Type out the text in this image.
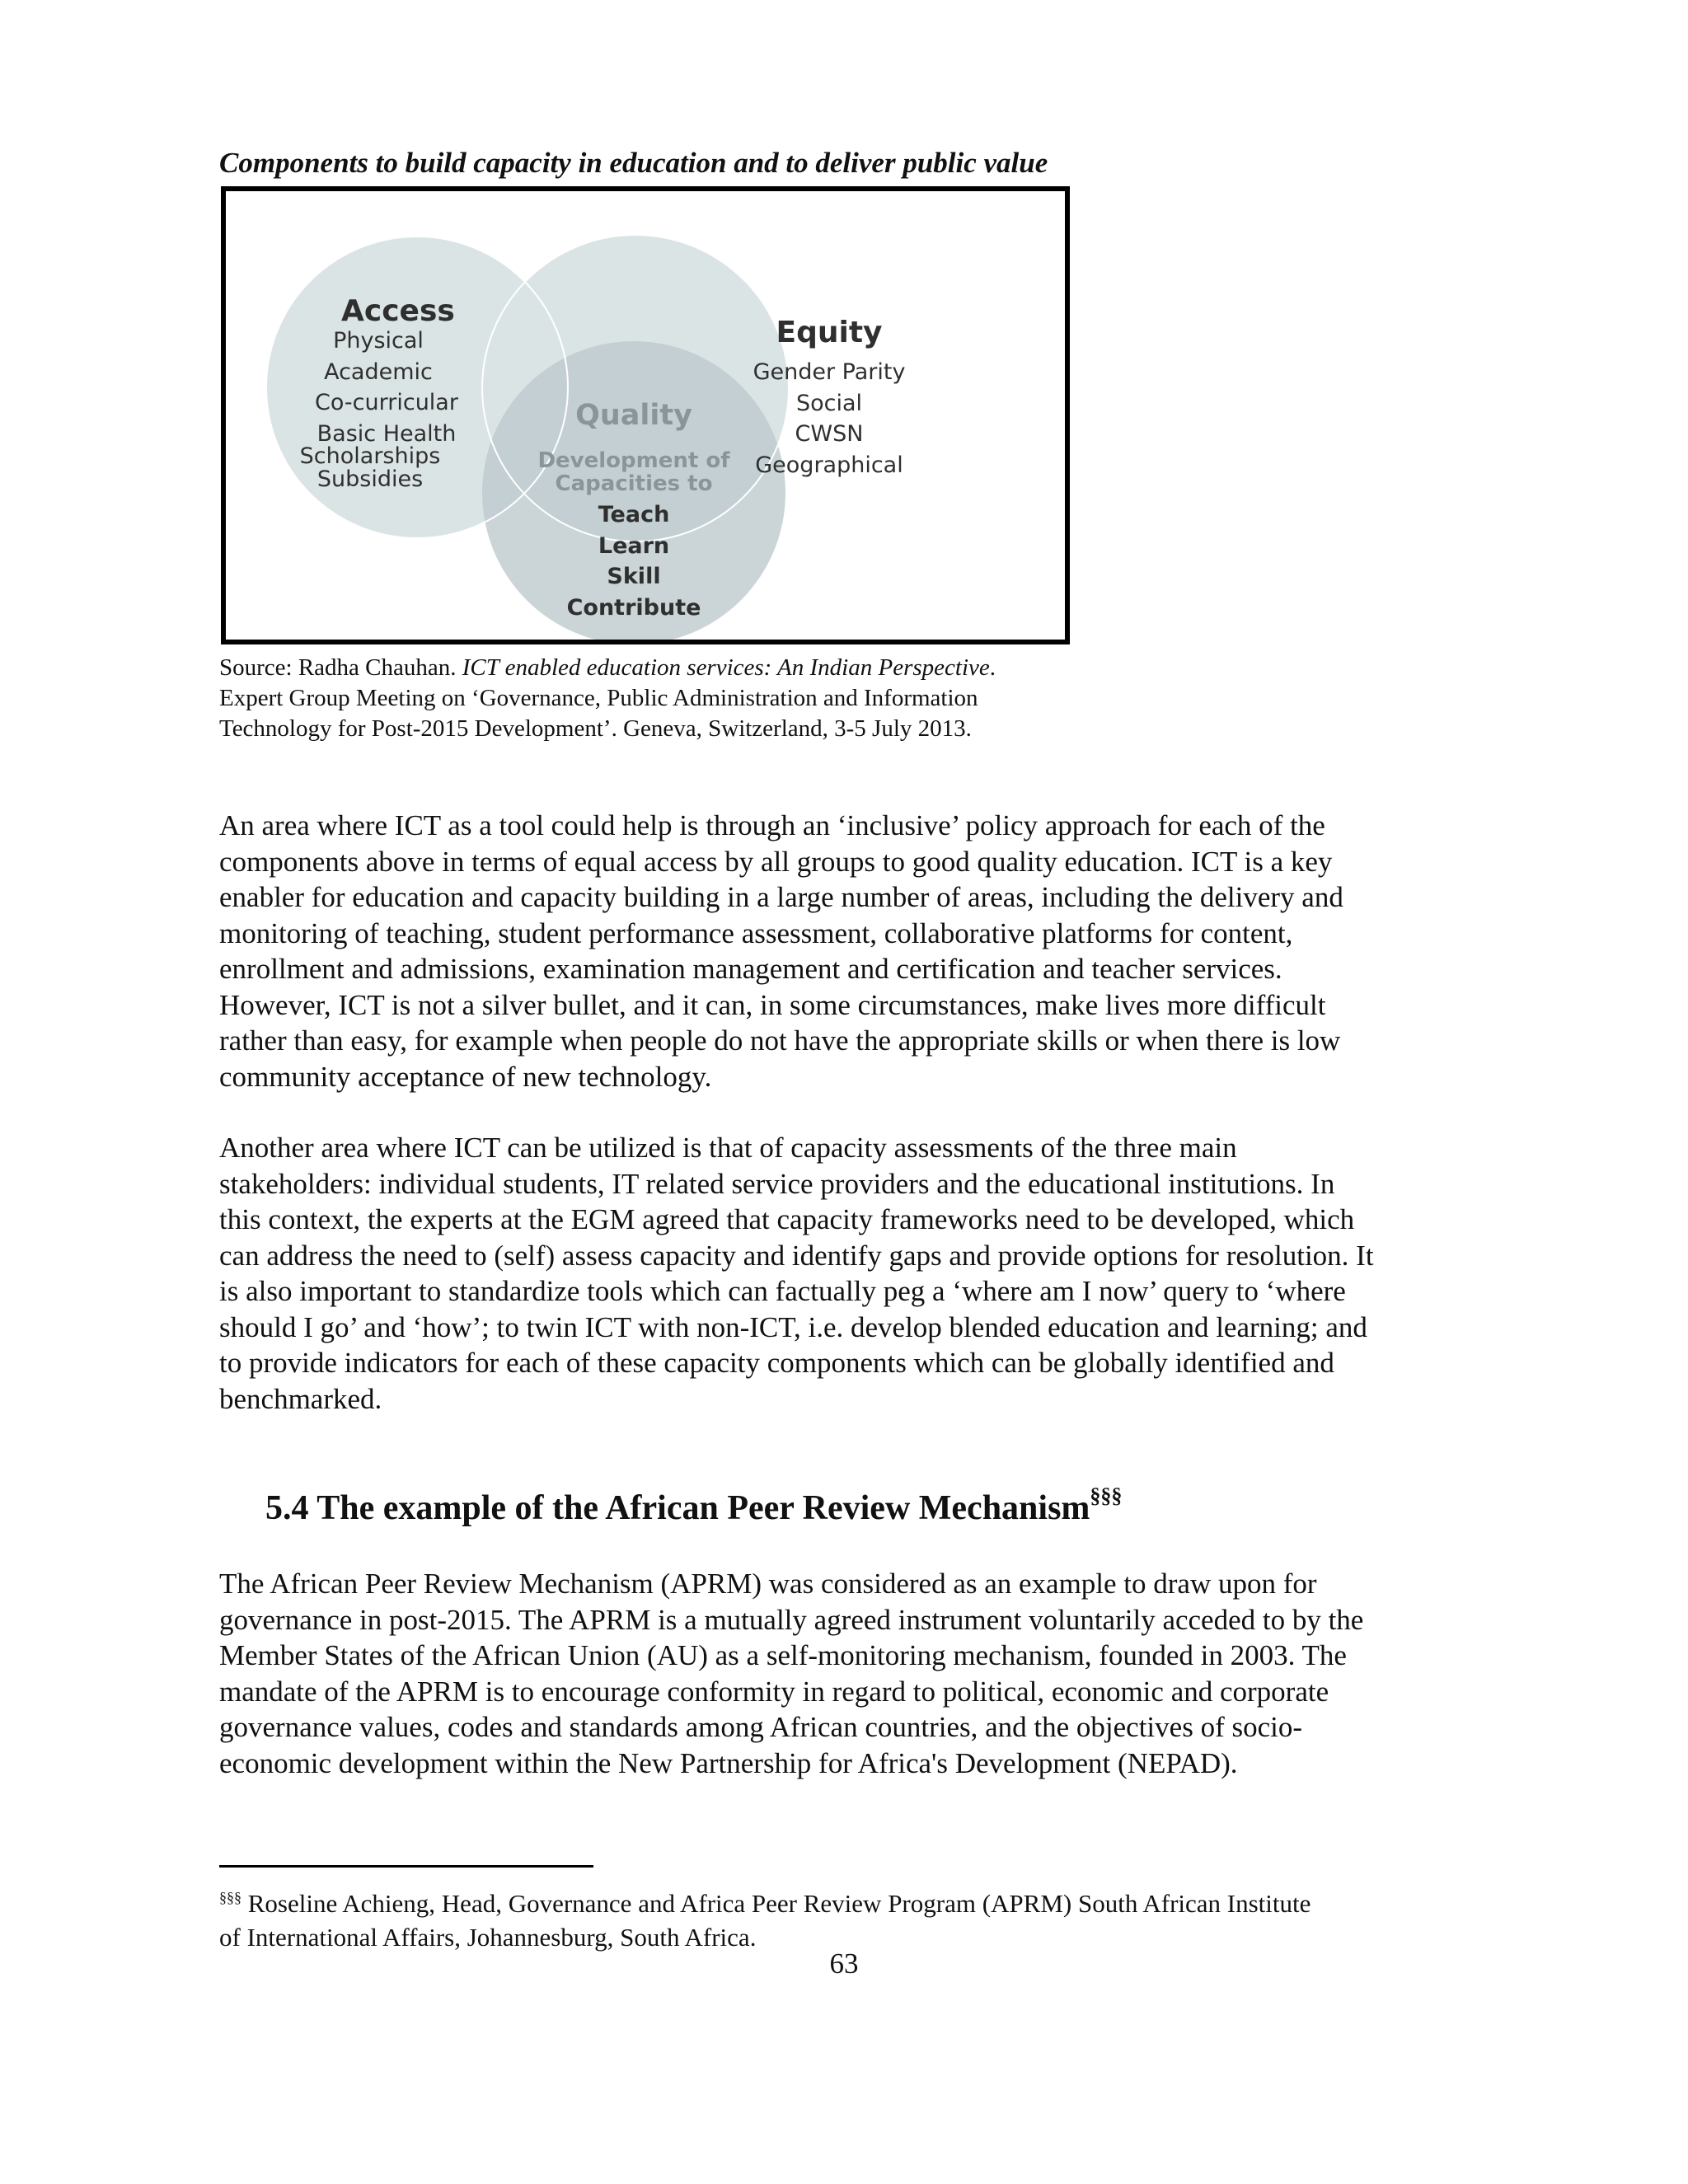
Components to build capacity in education and to deliver public value
Access
Physical
Academic
Co-curricular
Basic Health
Scholarships
Subsidies
Equity
Gender Parity
Social
CWSN
Geographical
Quality
Development of
Capacities to
Teach
Learn
Skill
Contribute
Source: Radha Chauhan. ICT enabled education services: An Indian Perspective.
Expert Group Meeting on ‘Governance, Public Administration and Information
Technology for Post-2015 Development’. Geneva, Switzerland, 3-5 July 2013.
An area where ICT as a tool could help is through an ‘inclusive’ policy approach for each of the
components above in terms of equal access by all groups to good quality education. ICT is a key
enabler for education and capacity building in a large number of areas, including the delivery and
monitoring of teaching, student performance assessment, collaborative platforms for content,
enrollment and admissions, examination management and certification and teacher services.
However, ICT is not a silver bullet, and it can, in some circumstances, make lives more difficult
rather than easy, for example when people do not have the appropriate skills or when there is low
community acceptance of new technology.
Another area where ICT can be utilized is that of capacity assessments of the three main
stakeholders: individual students, IT related service providers and the educational institutions. In
this context, the experts at the EGM agreed that capacity frameworks need to be developed, which
can address the need to (self) assess capacity and identify gaps and provide options for resolution. It
is also important to standardize tools which can factually peg a ‘where am I now’ query to ‘where
should I go’ and ‘how’; to twin ICT with non-ICT, i.e. develop blended education and learning; and
to provide indicators for each of these capacity components which can be globally identified and
benchmarked.
5.4 The example of the African Peer Review Mechanism§§§
The African Peer Review Mechanism (APRM) was considered as an example to draw upon for
governance in post-2015. The APRM is a mutually agreed instrument voluntarily acceded to by the
Member States of the African Union (AU) as a self-monitoring mechanism, founded in 2003. The
mandate of the APRM is to encourage conformity in regard to political, economic and corporate
governance values, codes and standards among African countries, and the objectives of socio-
economic development within the New Partnership for Africa's Development (NEPAD).
§§§ Roseline Achieng, Head, Governance and Africa Peer Review Program (APRM) South African Institute
of International Affairs, Johannesburg, South Africa.
63
